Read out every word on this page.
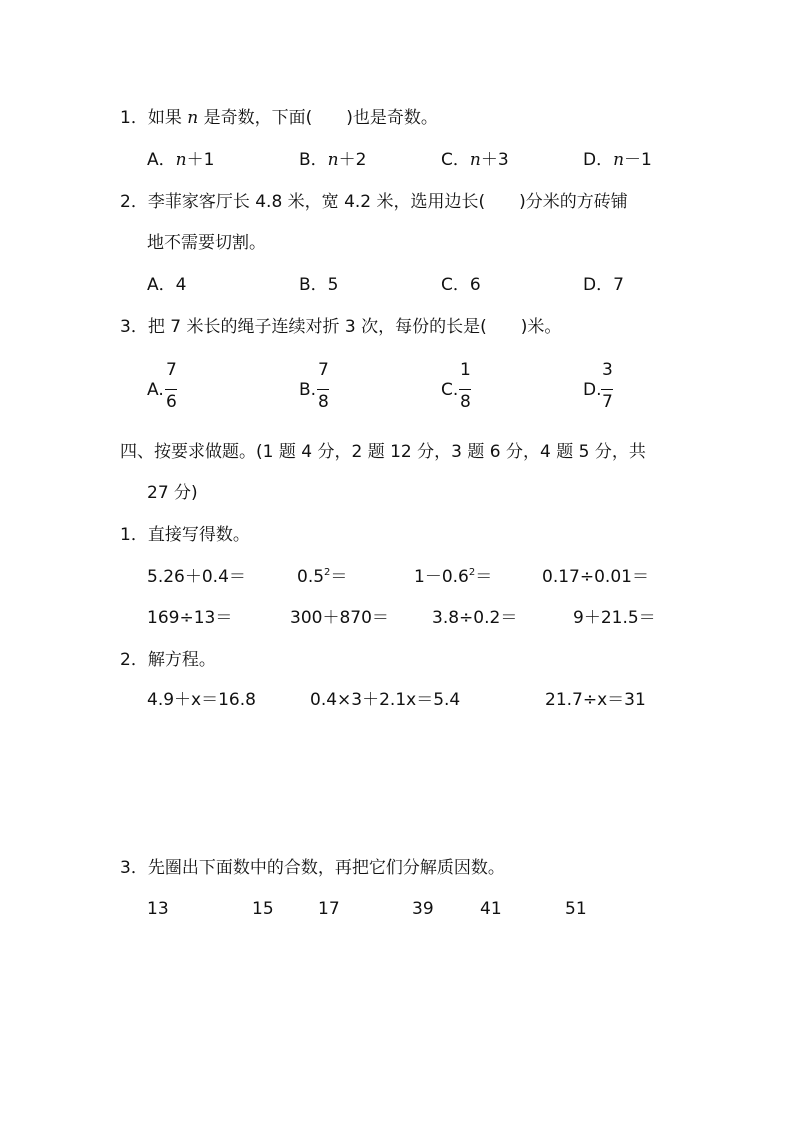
1．如果 n 是奇数，下面(　　)也是奇数。
A．n＋1	B．n＋2	C．n＋3	D．n－1
2．李菲家客厅长 4.8 米，宽 4.2 米，选用边长(　　)分米的方砖铺
地不需要切割。
A．4	B．5	C．6	D．7
3．把 7 米长的绳子连续对折 3 次，每份的长是(　　)米。
A.
7
6
B.
7
8
C.
1
8
D.
3
7
四、按要求做题。(1 题 4 分，2 题 12 分，3 题 6 分，4 题 5 分，共
27 分)
1．直接写得数。
5.26＋0.4＝	$0.5^2=$	$1-0.6^2=$	0.17÷0.01＝
169÷13＝	300＋870＝	3.8÷0.2＝	9＋21.5＝
2．解方程。
4.9＋x＝16.8	0.4×3＋2.1x＝5.4	21.7÷x＝31
3．先圈出下面数中的合数，再把它们分解质因数。
13	15	17	39	41	51
